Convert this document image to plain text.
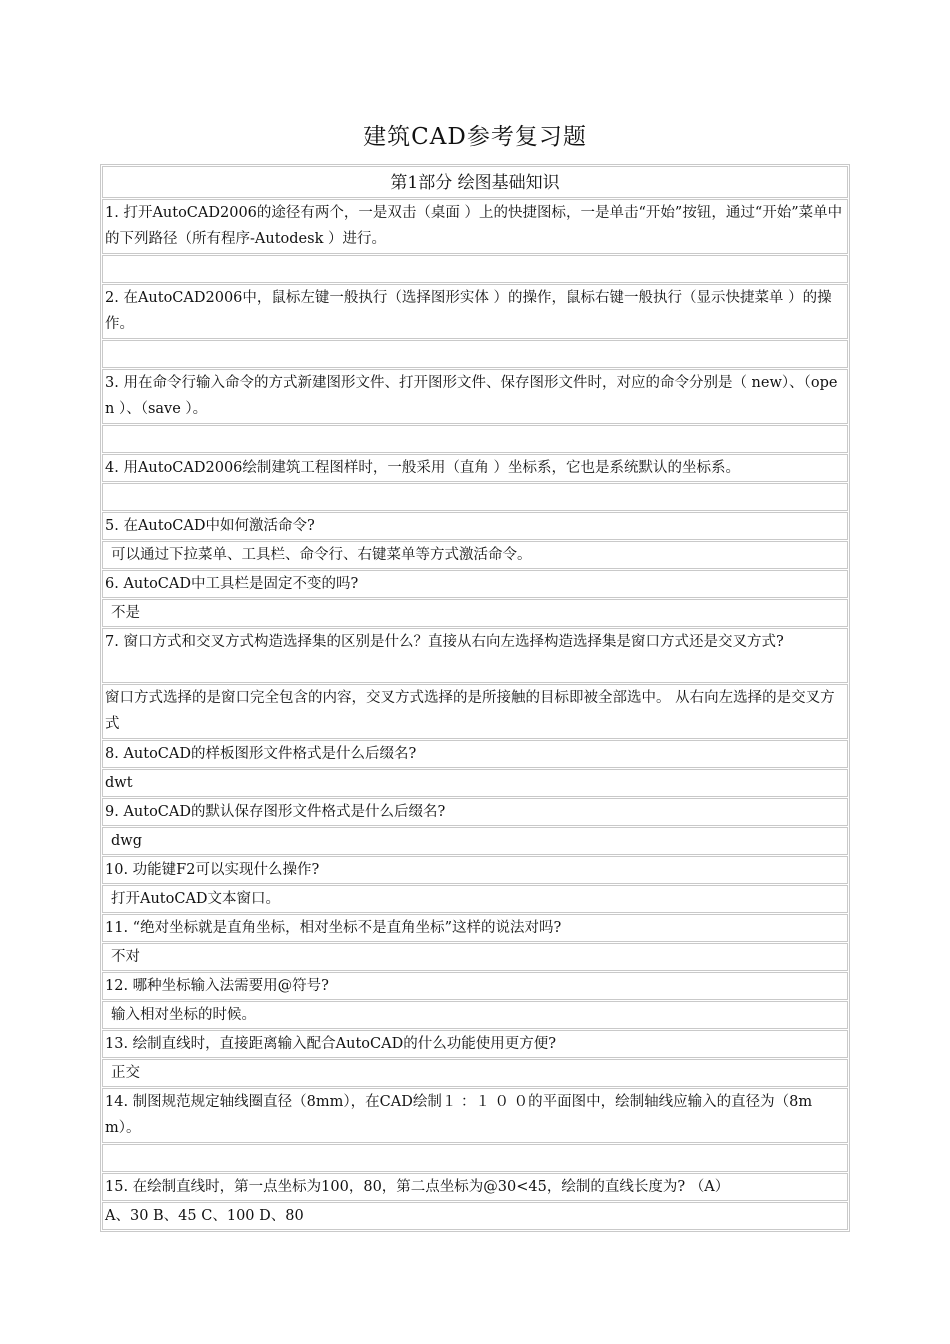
建筑CAD参考复习题
第1部分 绘图基础知识
1. 打开AutoCAD2006的途径有两个，一是双击（桌面 ）上的快捷图标，一是单击“开始”按钮，通过“开始”菜单中的下列路径（所有程序-Autodesk ）进行。
2. 在AutoCAD2006中，鼠标左键一般执行（选择图形实体 ）的操作，鼠标右键一般执行（显示快捷菜单 ）的操作。
3. 用在命令行输入命令的方式新建图形文件、打开图形文件、保存图形文件时，对应的命令分别是（ new）、（open ）、（save ）。
4. 用AutoCAD2006绘制建筑工程图样时，一般采用（直角 ）坐标系，它也是系统默认的坐标系。
5. 在AutoCAD中如何激活命令?
可以通过下拉菜单、工具栏、命令行、右键菜单等方式激活命令。
6. AutoCAD中工具栏是固定不变的吗?
不是
7. 窗口方式和交叉方式构造选择集的区别是什么？直接从右向左选择构造选择集是窗口方式还是交叉方式?
窗口方式选择的是窗口完全包含的内容，交叉方式选择的是所接触的目标即被全部选中。 从右向左选择的是交叉方式
8. AutoCAD的样板图形文件格式是什么后缀名?
dwt
9. AutoCAD的默认保存图形文件格式是什么后缀名?
dwg
10. 功能键F2可以实现什么操作?
打开AutoCAD文本窗口。
11. “绝对坐标就是直角坐标，相对坐标不是直角坐标”这样的说法对吗?
不对
12. 哪种坐标输入法需要用@符号?
输入相对坐标的时候。
13. 绘制直线时，直接距离输入配合AutoCAD的什么功能使用更方便?
正交
14. 制图规范规定轴线圈直径（8mm），在CAD绘制１ ：１ ０ ０的平面图中，绘制轴线应输入的直径为（8mm）。
15. 在绘制直线时，第一点坐标为100，80，第二点坐标为@30<45，绘制的直线长度为? （A）
A、30 B、45 C、100 D、80
